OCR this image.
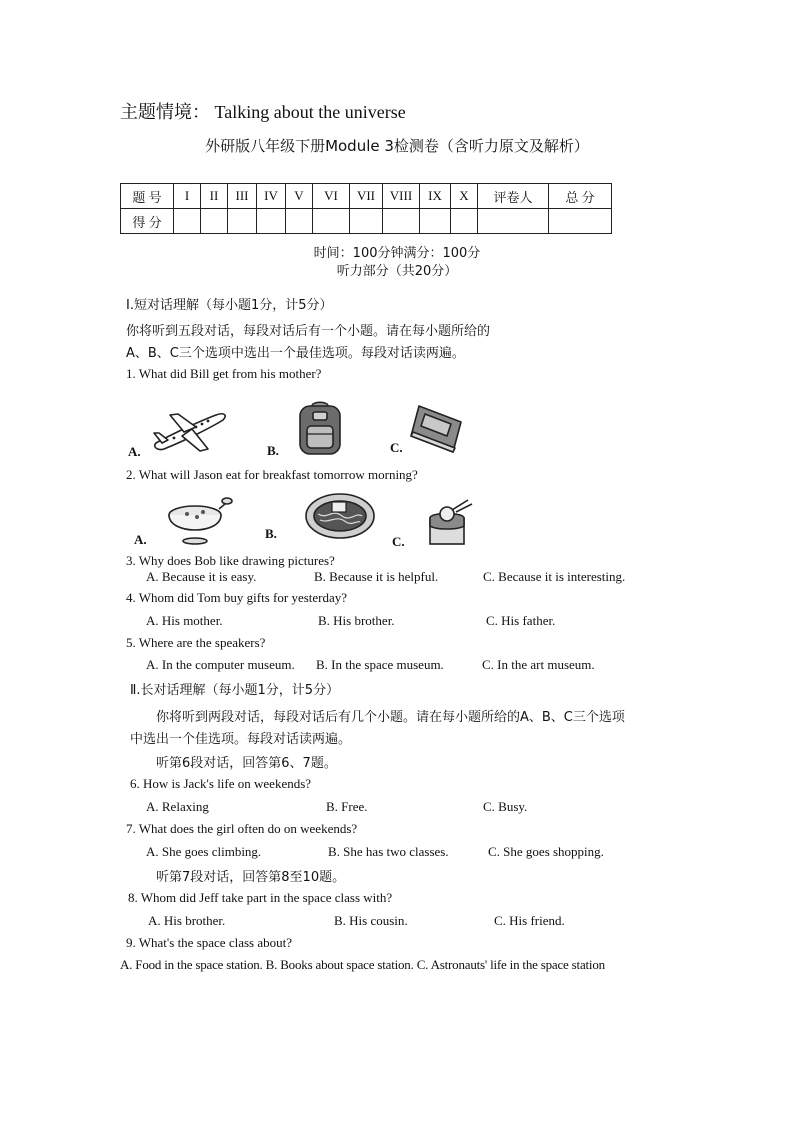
主题情境： Talking about the universe
外研版八年级下册Module 3检测卷（含听力原文及解析）
题 号	I	II	III	IV	V	VI	VII	VIII	IX	X	评卷人	总 分
得 分												
时间：100分钟满分：100分
听力部分（共20分）
I.短对话理解（每小题1分，计5分）
你将听到五段对话，每段对话后有一个小题。请在每小题所给的
A、B、C三个选项中选出一个最佳选项。每段对话读两遍。
1. What did Bill get from his mother?
A.	B.	C.
2. What will Jason eat for breakfast tomorrow morning?
A.	B.
C.
3. Why does Bob like drawing pictures?
A. Because it is easy.	B. Because it is helpful.	C. Because it is interesting.
4. Whom did Tom buy gifts for yesterday?
A. His mother.	B. His brother.	C. His father.
5. Where are the speakers?
A. In the computer museum. B. In the space museum.	C. In the art museum.
Ⅱ.长对话理解（每小题1分，计5分）
你将听到两段对话，每段对话后有几个小题。请在每小题所给的A、B、C三个选项
中选出一个佳选项。每段对话读两遍。
听第6段对话，回答第6、7题。
6. How is Jack's life on weekends?
A. Relaxing	B. Free.	C. Busy.
7. What does the girl often do on weekends?
A. She goes climbing.	B. She has two classes.	C. She goes shopping.
听第7段对话，回答第8至10题。
8. Whom did Jeff take part in the space class with?
A. His brother.	B. His cousin.	C. His friend.
9. What's the space class about?
A. Food in the space station. B. Books about space station. C. Astronauts' life in the space station
